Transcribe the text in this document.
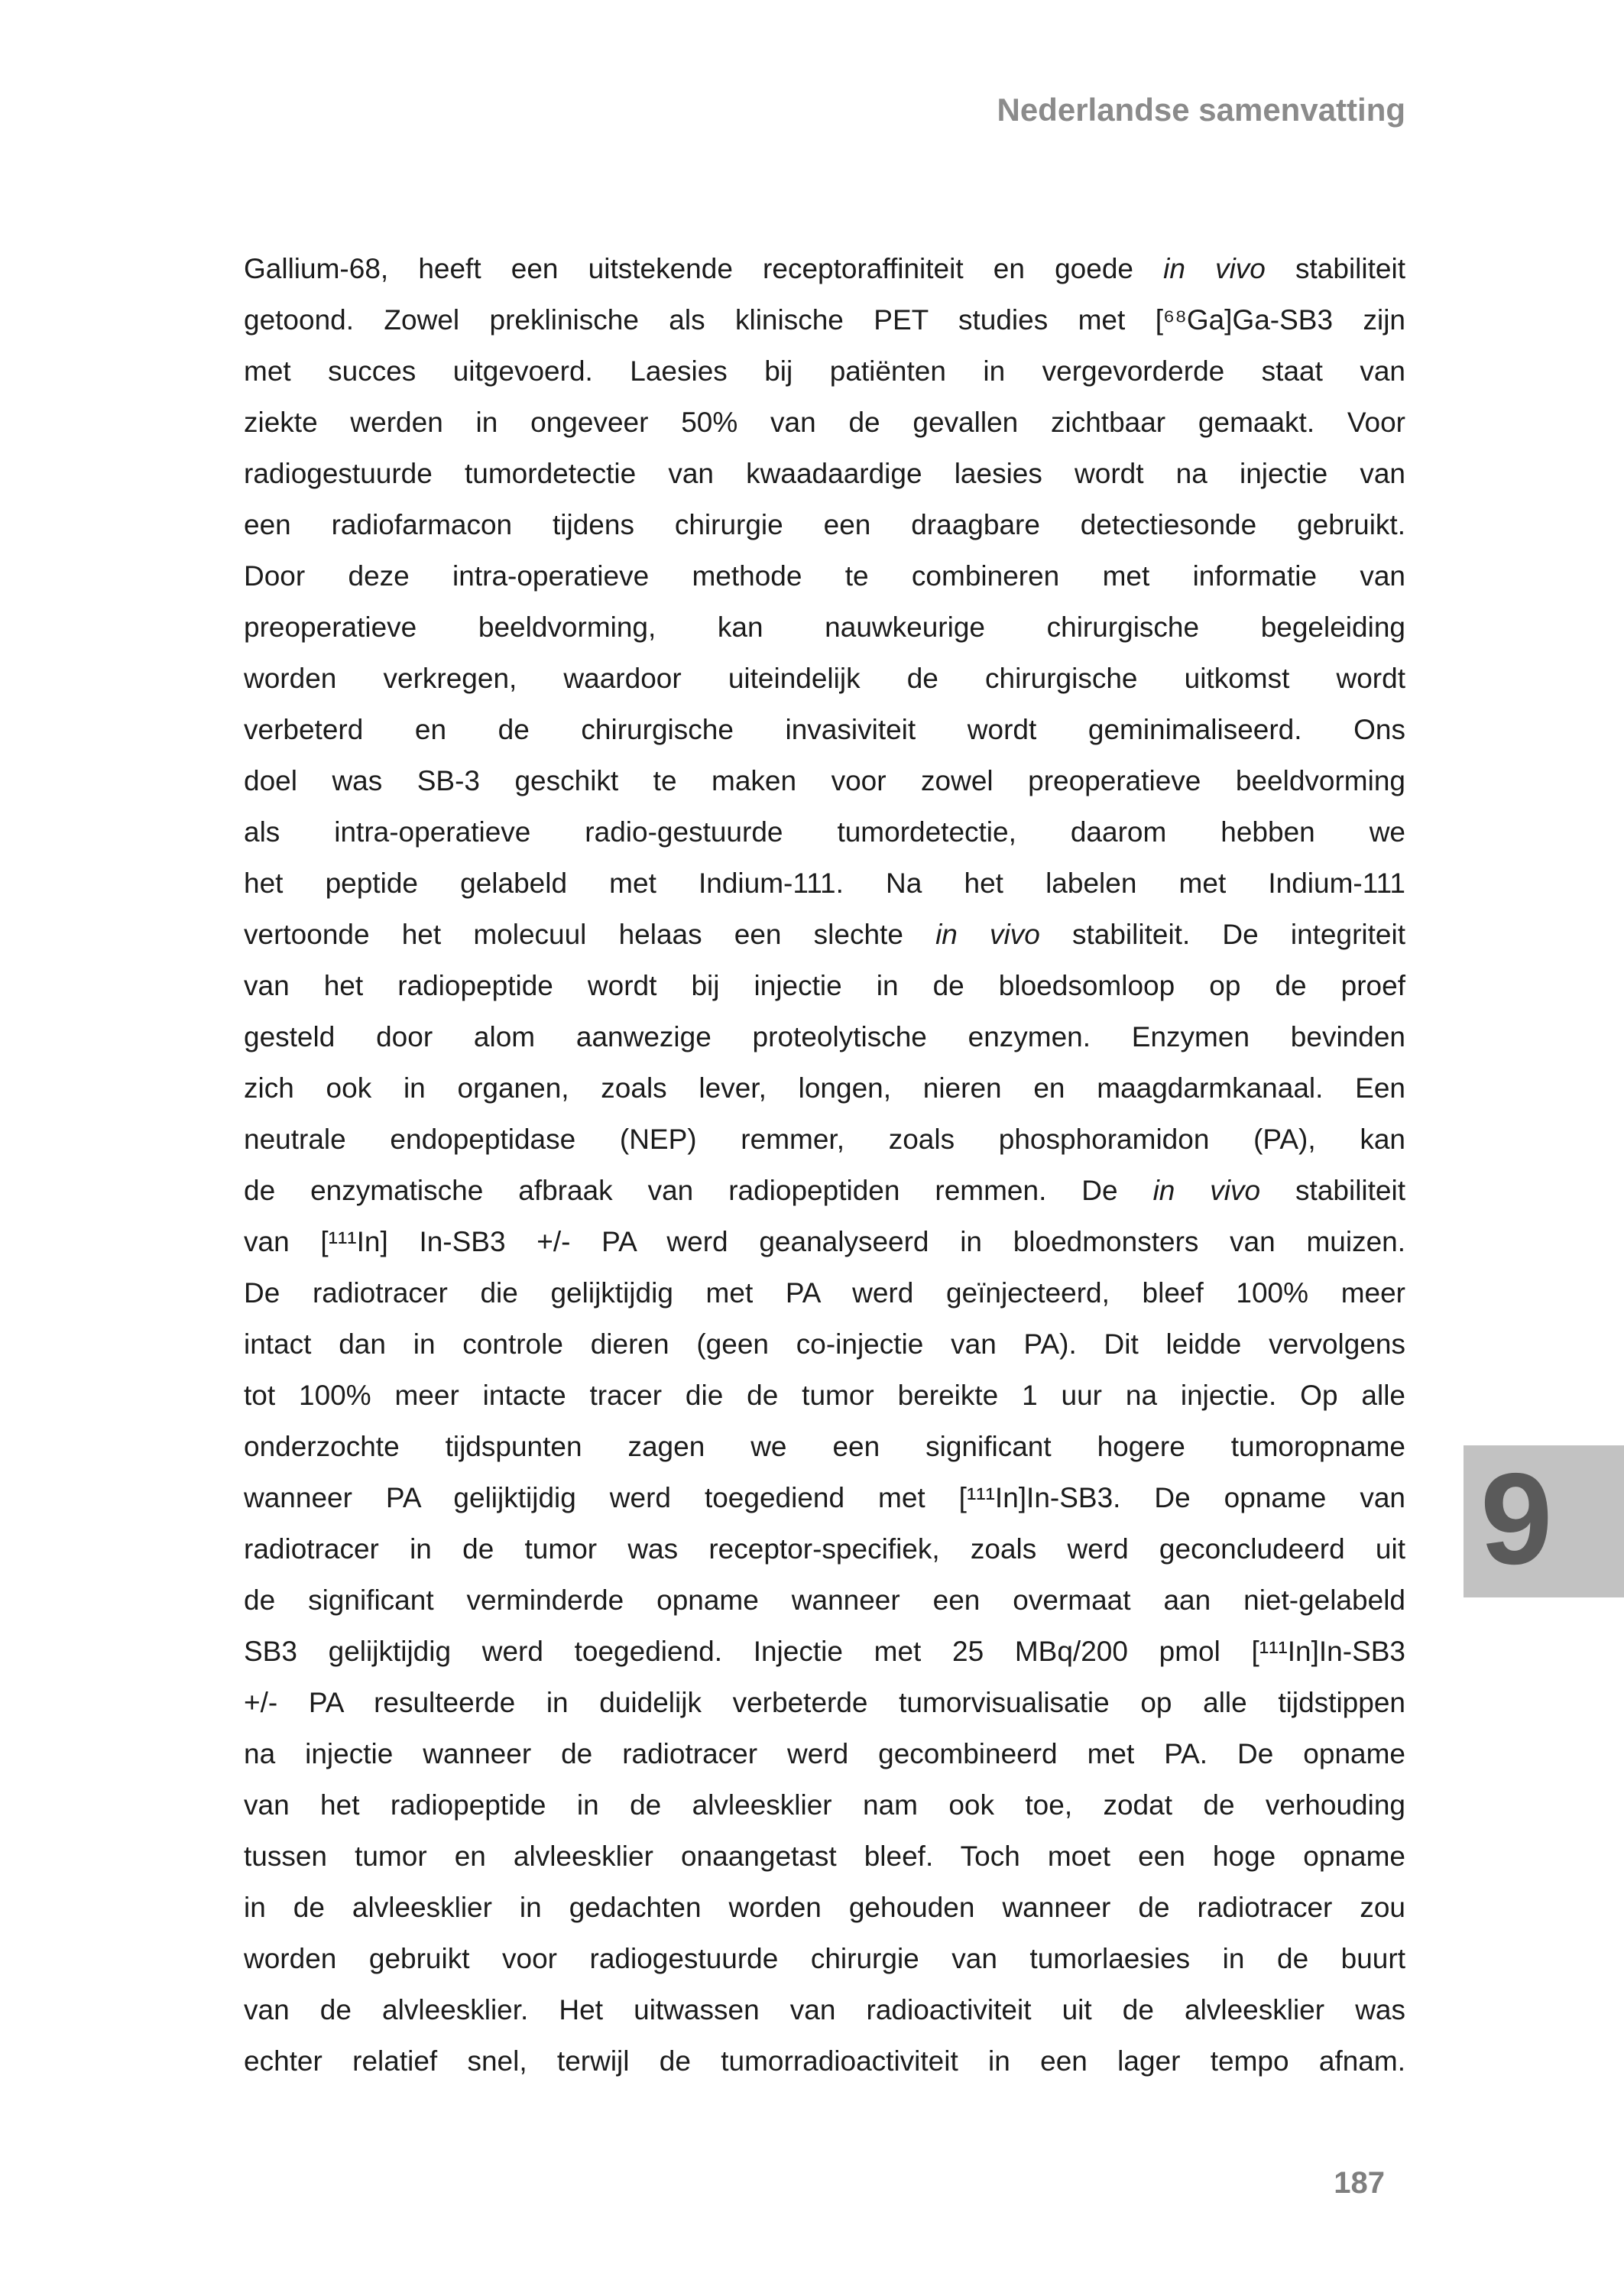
Nederlandse samenvatting
Gallium-68, heeft een uitstekende receptoraffiniteit en goede in vivo stabiliteit
getoond. Zowel preklinische als klinische PET studies met [⁶⁸Ga]Ga-SB3 zijn
met succes uitgevoerd. Laesies bij patiënten in vergevorderde staat van
ziekte werden in ongeveer 50% van de gevallen zichtbaar gemaakt. Voor
radiogestuurde tumordetectie van kwaadaardige laesies wordt na injectie van
een radiofarmacon tijdens chirurgie een draagbare detectiesonde gebruikt.
Door deze intra-operatieve methode te combineren met informatie van
preoperatieve beeldvorming, kan nauwkeurige chirurgische begeleiding
worden verkregen, waardoor uiteindelijk de chirurgische uitkomst wordt
verbeterd en de chirurgische invasiviteit wordt geminimaliseerd. Ons
doel was SB-3 geschikt te maken voor zowel preoperatieve beeldvorming
als intra-operatieve radio-gestuurde tumordetectie, daarom hebben we
het peptide gelabeld met Indium-111. Na het labelen met Indium-111
vertoonde het molecuul helaas een slechte in vivo stabiliteit. De integriteit
van het radiopeptide wordt bij injectie in de bloedsomloop op de proef
gesteld door alom aanwezige proteolytische enzymen. Enzymen bevinden
zich ook in organen, zoals lever, longen, nieren en maagdarmkanaal. Een
neutrale endopeptidase (NEP) remmer, zoals phosphoramidon (PA), kan
de enzymatische afbraak van radiopeptiden remmen. De in vivo stabiliteit
van [¹¹¹In] In-SB3 +/- PA werd geanalyseerd in bloedmonsters van muizen.
De radiotracer die gelijktijdig met PA werd geïnjecteerd, bleef 100% meer
intact dan in controle dieren (geen co-injectie van PA). Dit leidde vervolgens
tot 100% meer intacte tracer die de tumor bereikte 1 uur na injectie. Op alle
onderzochte tijdspunten zagen we een significant hogere tumoropname
wanneer PA gelijktijdig werd toegediend met [¹¹¹In]In-SB3. De opname van
radiotracer in de tumor was receptor-specifiek, zoals werd geconcludeerd uit
de significant verminderde opname wanneer een overmaat aan niet-gelabeld
SB3 gelijktijdig werd toegediend. Injectie met 25 MBq/200 pmol [¹¹¹In]In-SB3
+/- PA resulteerde in duidelijk verbeterde tumorvisualisatie op alle tijdstippen
na injectie wanneer de radiotracer werd gecombineerd met PA. De opname
van het radiopeptide in de alvleesklier nam ook toe, zodat de verhouding
tussen tumor en alvleesklier onaangetast bleef. Toch moet een hoge opname
in de alvleesklier in gedachten worden gehouden wanneer de radiotracer zou
worden gebruikt voor radiogestuurde chirurgie van tumorlaesies in de buurt
van de alvleesklier. Het uitwassen van radioactiviteit uit de alvleesklier was
echter relatief snel, terwijl de tumorradioactiviteit in een lager tempo afnam.
9
187
